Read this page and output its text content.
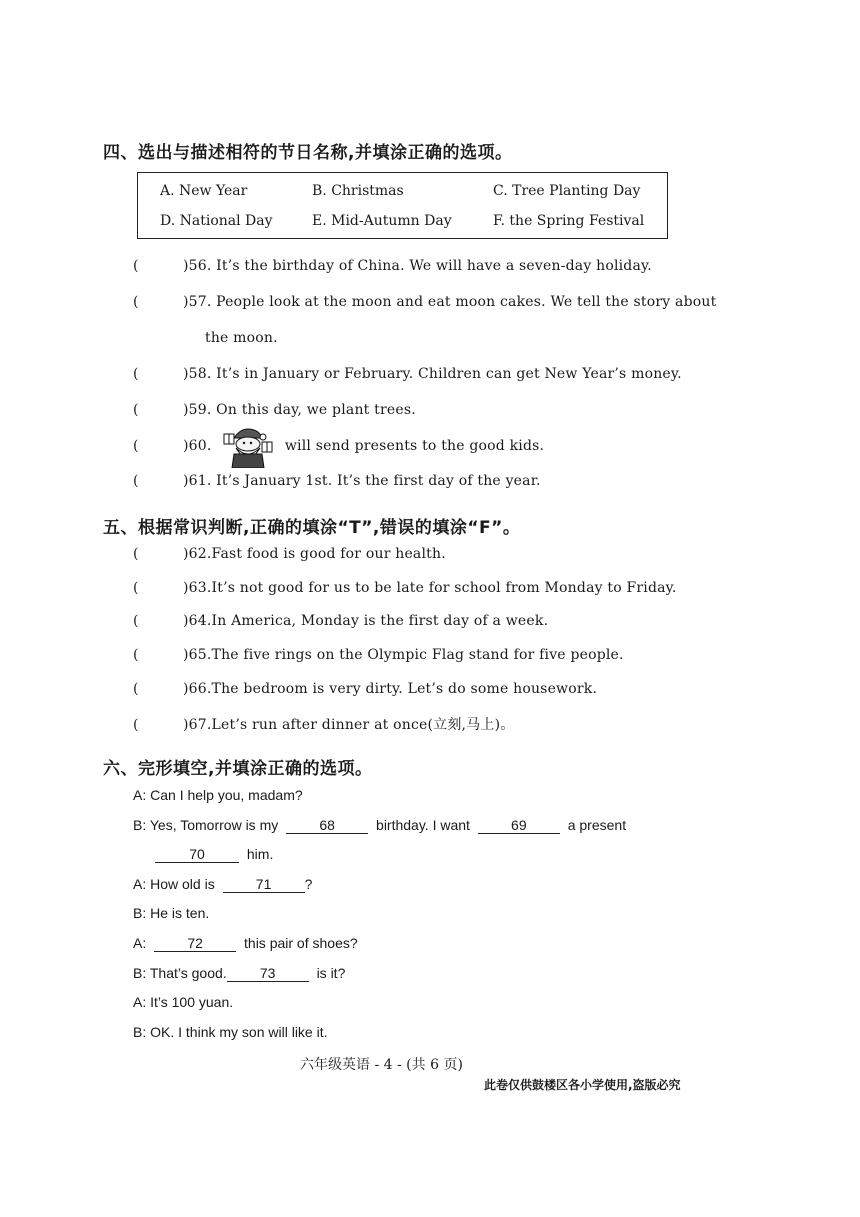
四、选出与描述相符的节日名称,并填涂正确的选项。
A. New Year	B. Christmas	C. Tree Planting Day
D. National Day	E. Mid-Autumn Day	F. the Spring Festival
(	)56. It’s the birthday of China. We will have a seven-day holiday.
(	)57. People look at the moon and eat moon cakes. We tell the story about
the moon.
(	)58. It’s in January or February. Children can get New Year’s money.
(	)59. On this day, we plant trees.
(	)60.	will send presents to the good kids.
(	)61. It’s January 1st. It’s the first day of the year.
五、根据常识判断,正确的填涂“T”,错误的填涂“F”。
(	)62.Fast food is good for our health.
(	)63.It’s not good for us to be late for school from Monday to Friday.
(	)64.In America, Monday is the first day of a week.
(	)65.The five rings on the Olympic Flag stand for five people.
(	)66.The bedroom is very dirty. Let’s do some housework.
(	)67.Let’s run after dinner at once(立刻,马上)。
六、完形填空,并填涂正确的选项。
A: Can I help you, madam?
B: Yes, Tomorrow is my	68	birthday. I want	69	a present
70	him.
A: How old is	71 ?
B: He is ten.
A:	72	this pair of shoes?
B: That’s good. 73	is it?
A: It’s 100 yuan.
B: OK. I think my son will like it.
六年级英语 - 4 - (共 6 页)
此卷仅供鼓楼区各小学使用,盗版必究
